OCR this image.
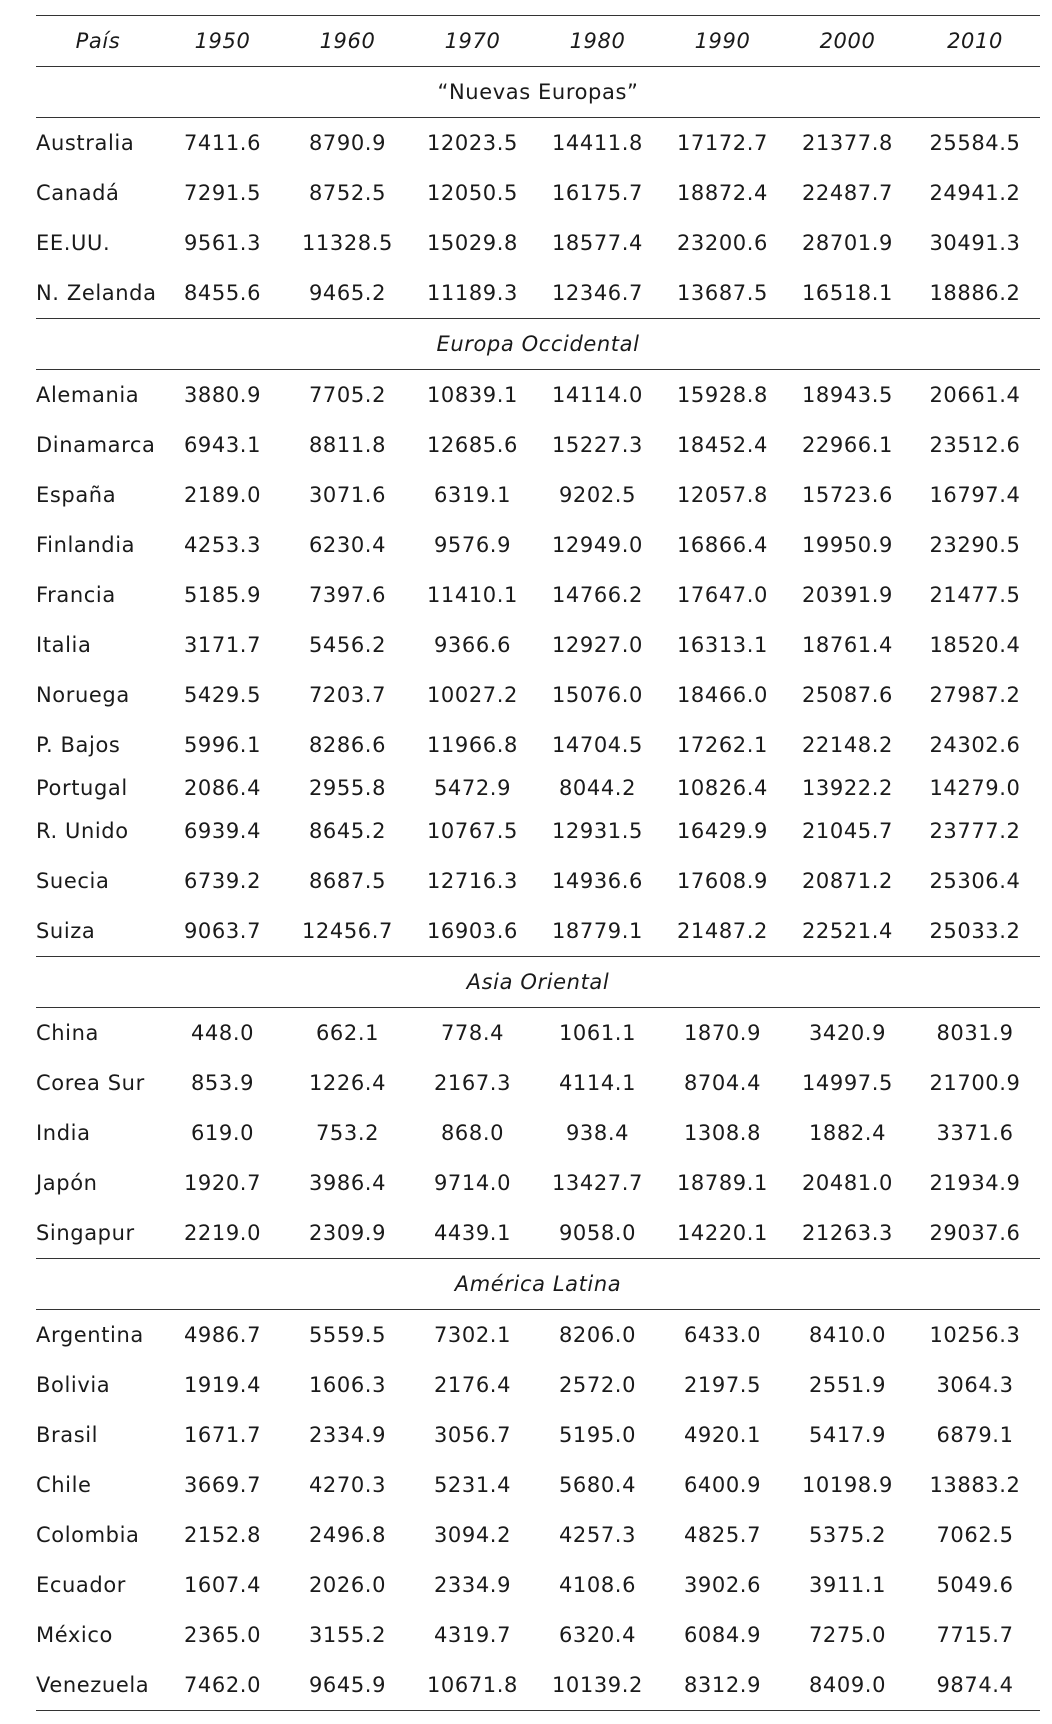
País	1950	1960	1970	1980	1990	2000	2010
“Nuevas Europas”							
Australia	7411.6	8790.9	12023.5	14411.8	17172.7	21377.8	25584.5
Canadá	7291.5	8752.5	12050.5	16175.7	18872.4	22487.7	24941.2
EE.UU.	9561.3	11328.5	15029.8	18577.4	23200.6	28701.9	30491.3
N. Zelanda	8455.6	9465.2	11189.3	12346.7	13687.5	16518.1	18886.2
Europa Occidental							
Alemania	3880.9	7705.2	10839.1	14114.0	15928.8	18943.5	20661.4
Dinamarca	6943.1	8811.8	12685.6	15227.3	18452.4	22966.1	23512.6
España	2189.0	3071.6	6319.1	9202.5	12057.8	15723.6	16797.4
Finlandia	4253.3	6230.4	9576.9	12949.0	16866.4	19950.9	23290.5
Francia	5185.9	7397.6	11410.1	14766.2	17647.0	20391.9	21477.5
Italia	3171.7	5456.2	9366.6	12927.0	16313.1	18761.4	18520.4
Noruega	5429.5	7203.7	10027.2	15076.0	18466.0	25087.6	27987.2
P. Bajos	5996.1	8286.6	11966.8	14704.5	17262.1	22148.2	24302.6
Portugal	2086.4	2955.8	5472.9	8044.2	10826.4	13922.2	14279.0
R. Unido	6939.4	8645.2	10767.5	12931.5	16429.9	21045.7	23777.2
Suecia	6739.2	8687.5	12716.3	14936.6	17608.9	20871.2	25306.4
Suiza	9063.7	12456.7	16903.6	18779.1	21487.2	22521.4	25033.2
Asia Oriental							
China	448.0	662.1	778.4	1061.1	1870.9	3420.9	8031.9
Corea Sur	853.9	1226.4	2167.3	4114.1	8704.4	14997.5	21700.9
India	619.0	753.2	868.0	938.4	1308.8	1882.4	3371.6
Japón	1920.7	3986.4	9714.0	13427.7	18789.1	20481.0	21934.9
Singapur	2219.0	2309.9	4439.1	9058.0	14220.1	21263.3	29037.6
América Latina							
Argentina	4986.7	5559.5	7302.1	8206.0	6433.0	8410.0	10256.3
Bolivia	1919.4	1606.3	2176.4	2572.0	2197.5	2551.9	3064.3
Brasil	1671.7	2334.9	3056.7	5195.0	4920.1	5417.9	6879.1
Chile	3669.7	4270.3	5231.4	5680.4	6400.9	10198.9	13883.2
Colombia	2152.8	2496.8	3094.2	4257.3	4825.7	5375.2	7062.5
Ecuador	1607.4	2026.0	2334.9	4108.6	3902.6	3911.1	5049.6
México	2365.0	3155.2	4319.7	6320.4	6084.9	7275.0	7715.7
Venezuela	7462.0	9645.9	10671.8	10139.2	8312.9	8409.0	9874.4
